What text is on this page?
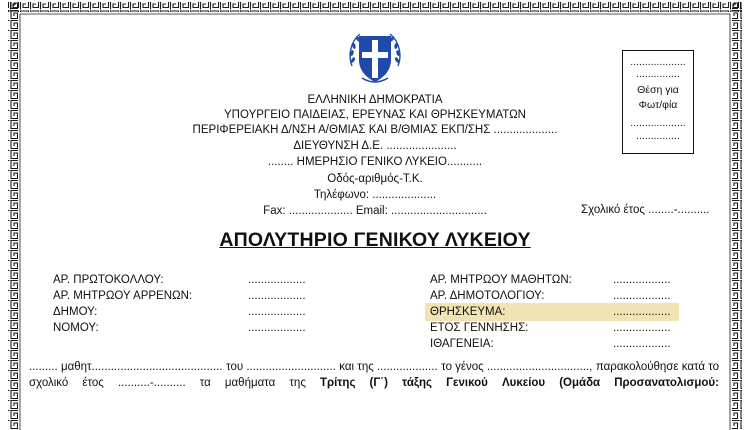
ΕΛΛΗΝΙΚΗ ΔΗΜΟΚΡΑΤΙΑ
ΥΠΟΥΡΓΕΙΟ ΠΑΙΔΕΙΑΣ, ΕΡΕΥΝΑΣ ΚΑΙ ΘΡΗΣΚΕΥΜΑΤΩΝ
ΠΕΡΙΦΕΡΕΙΑΚΗ Δ/ΝΣΗ Α/ΘΜΙΑΣ ΚΑΙ Β/ΘΜΙΑΣ ΕΚΠ/ΣΗΣ ....................
ΔΙΕΥΘΥΝΣΗ Δ.Ε. ......................
........ ΗΜΕΡΗΣΙΟ ΓΕΝΙΚΟ ΛΥΚΕΙΟ...........
Οδός-αριθμός-Τ.Κ.
Τηλέφωνο: ....................
Fax: .................... Email: ..............................	Σχολικό έτος ........-..........
...................
...............
Θέση για
Φωτ/φία
...................
...............
ΑΠΟΛΥΤΗΡΙΟ ΓΕΝΙΚΟΥ ΛΥΚΕΙΟΥ
ΑΡ. ΠΡΩΤΟΚΟΛΛΟΥ:	..................
ΑΡ. ΜΗΤΡΩΟΥ ΑΡΡΕΝΩΝ:	..................
ΔΗΜΟΥ:	..................
ΝΟΜΟΥ:	..................
ΑΡ. ΜΗΤΡΩΟΥ ΜΑΘΗΤΩΝ:	..................
ΑΡ. ΔΗΜΟΤΟΛΟΓΙΟΥ:	..................
ΘΡΗΣΚΕΥΜΑ:	..................
ΕΤΟΣ ΓΕΝΝΗΣΗΣ:	..................
ΙΘΑΓΕΝΕΙΑ:	..................
......... μαθητ......................................... του ............................ και της ................... το γένος ................................, παρακολούθησε κατά το
σχολικό έτος ..........-.......... τα μαθήματα της Τρίτης (Γ΄) τάξης Γενικού Λυκείου (Ομάδα Προσανατολισμού:
